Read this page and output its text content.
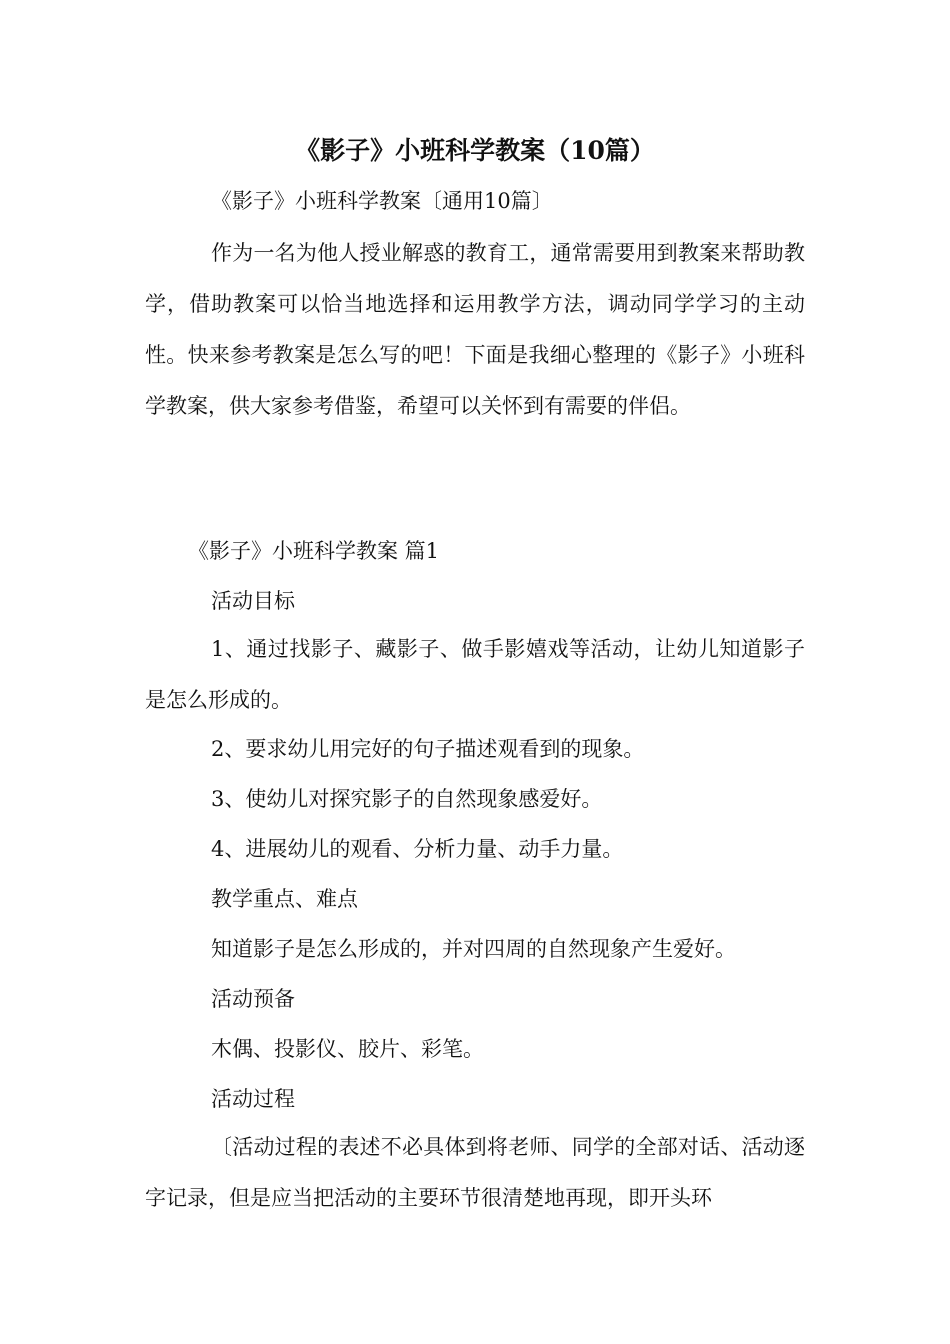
《影子》小班科学教案（10篇）
《影子》小班科学教案〔通用10篇〕
作为一名为他人授业解惑的教育工，通常需要用到教案来帮助教学，借助教案可以恰当地选择和运用教学方法，调动同学学习的主动性。快来参考教案是怎么写的吧！下面是我细心整理的《影子》小班科学教案，供大家参考借鉴，希望可以关怀到有需要的伴侣。
《影子》小班科学教案 篇1
活动目标
1、通过找影子、藏影子、做手影嬉戏等活动，让幼儿知道影子是怎么形成的。
2、要求幼儿用完好的句子描述观看到的现象。
3、使幼儿对探究影子的自然现象感爱好。
4、进展幼儿的观看、分析力量、动手力量。
教学重点、难点
知道影子是怎么形成的，并对四周的自然现象产生爱好。
活动预备
木偶、投影仪、胶片、彩笔。
活动过程
〔活动过程的表述不必具体到将老师、同学的全部对话、活动逐字记录，但是应当把活动的主要环节很清楚地再现，即开头环
